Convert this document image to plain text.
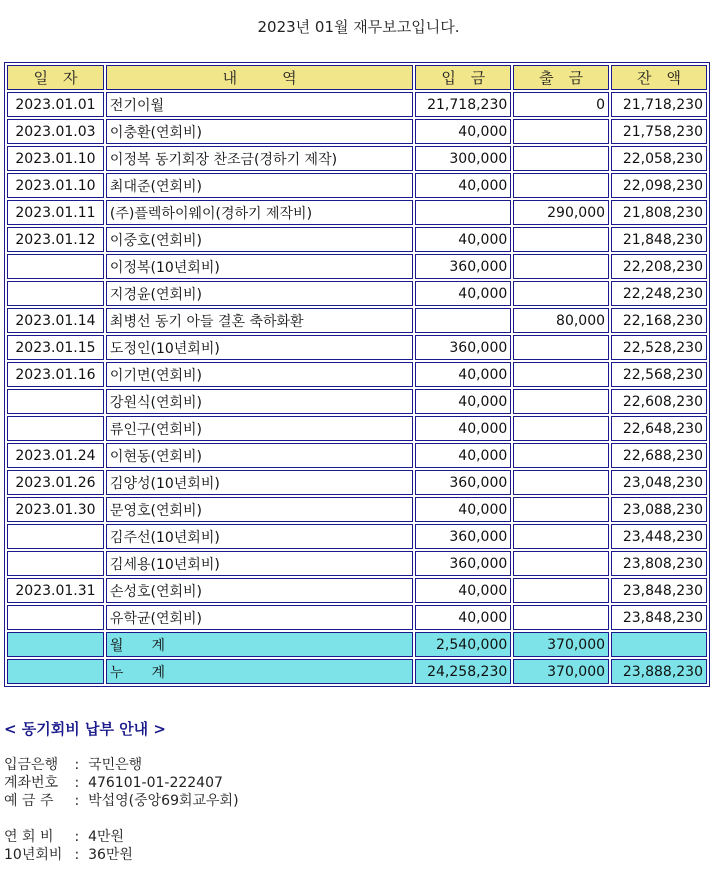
2023년 01월 재무보고입니다.
일　자	내　　　역	입　금	출　금	잔　액
2023.01.01	전기이월	21,718,230	0	21,718,230
2023.01.03	이충환(연회비)	40,000		21,758,230
2023.01.10	이정복 동기회장 찬조금(경하기 제작)	300,000		22,058,230
2023.01.10	최대준(연회비)	40,000		22,098,230
2023.01.11	(주)플렉하이웨이(경하기 제작비)		290,000	21,808,230
2023.01.12	이중호(연회비)	40,000		21,848,230
	이정복(10년회비)	360,000		22,208,230
	지경윤(연회비)	40,000		22,248,230
2023.01.14	최병선 동기 아들 결혼 축하화환		80,000	22,168,230
2023.01.15	도정인(10년회비)	360,000		22,528,230
2023.01.16	이기면(연회비)	40,000		22,568,230
	강원식(연회비)	40,000		22,608,230
	류인구(연회비)	40,000		22,648,230
2023.01.24	이현동(연회비)	40,000		22,688,230
2023.01.26	김양성(10년회비)	360,000		23,048,230
2023.01.30	문영호(연회비)	40,000		23,088,230
	김주선(10년회비)	360,000		23,448,230
	김세용(10년회비)	360,000		23,808,230
2023.01.31	손성호(연회비)	40,000		23,848,230
	유학균(연회비)	40,000		23,848,230
	월　　계	2,540,000	370,000	
	누　　계	24,258,230	370,000	23,888,230
< 동기회비 납부 안내 >
입금은행 : 국민은행
계좌번호 : 476101-01-222407
예 금 주	: 박섭영(중앙69회교우회)
연 회 비	: 4만원
10년회비 : 36만원
